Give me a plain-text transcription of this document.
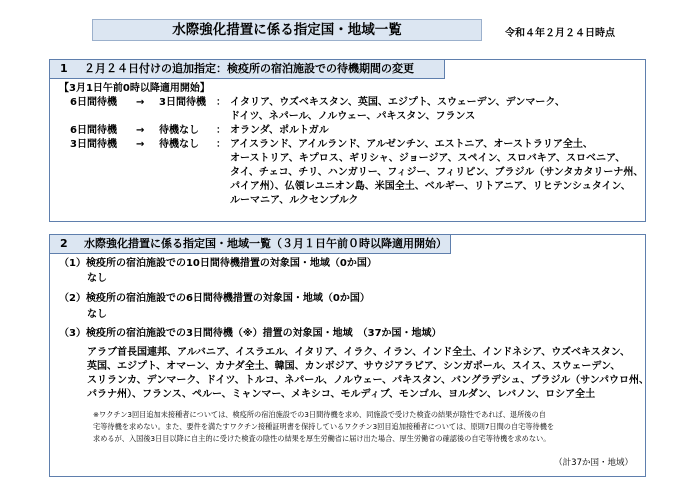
水際強化措置に係る指定国・地域一覧	令和４年２月２４日時点
1 ２月２４日付けの追加指定：検疫所の宿泊施設での待機期間の変更
【3月1日午前0時以降適用開始】
6日間待機 → 3日間待機 ： イタリア、ウズベキスタン、英国、エジプト、スウェーデン、デンマーク、
ドイツ、ネパール、ノルウェー、パキスタン、フランス
6日間待機 → 待機なし ： オランダ、ポルトガル
3日間待機 → 待機なし ： アイスランド、アイルランド、アルゼンチン、エストニア、オーストラリア全土、
オーストリア、キプロス、ギリシャ、ジョージア、スペイン、スロバキア、スロベニア、
タイ、チェコ、チリ、ハンガリー、フィジー、フィリピン、ブラジル（サンタカタリーナ州、
パイア州）、仏領レユニオン島、米国全土、ベルギー、リトアニア、リヒテンシュタイン、
ルーマニア、ルクセンブルク
2 水際強化措置に係る指定国・地域一覧（３月１日午前０時以降適用開始）
（1）検疫所の宿泊施設での10日間待機措置の対象国・地域（0か国）
なし
（2）検疫所の宿泊施設での6日間待機措置の対象国・地域（0か国）
なし
（3）検疫所の宿泊施設での3日間待機（※）措置の対象国・地域　（37か国・地域）
アラブ首長国連邦、アルバニア、イスラエル、イタリア、イラク、イラン、インド全土、インドネシア、ウズベキスタン、
英国、エジプト、オマーン、カナダ全土、韓国、カンボジア、サウジアラビア、シンガポール、スイス、スウェーデン、
スリランカ、デンマーク、ドイツ、トルコ、ネパール、ノルウェー、パキスタン、バングラデシュ、ブラジル（サンパウロ州、
パラナ州）、フランス、ペルー、ミャンマー、メキシコ、モルディブ、モンゴル、ヨルダン、レバノン、ロシア全土
※ワクチン3回目追加未接種者については、検疫所の宿泊施設での3日間待機を求め、同施設で受けた検査の結果が陰性であれば、退所後の自
宅等待機を求めない。また、要件を満たすワクチン接種証明書を保持しているワクチン3回目追加接種者については、原則7日間の自宅等待機を
求めるが、入国後3日目以降に自主的に受けた検査の陰性の結果を厚生労働省に届け出た場合、厚生労働省の確認後の自宅等待機を求めない。
（計37か国・地域）
